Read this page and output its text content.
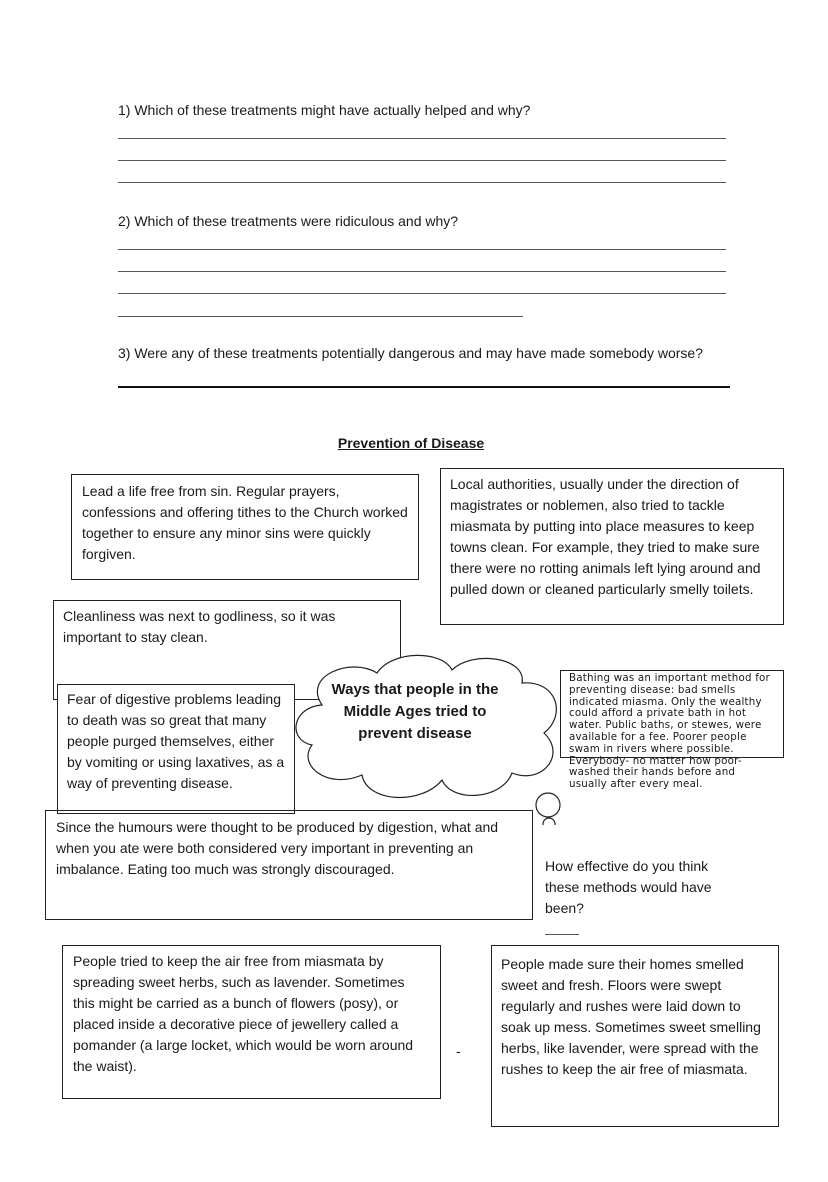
1) Which of these treatments might have actually helped and why?
2) Which of these treatments were ridiculous and why?
3) Were any of these treatments potentially dangerous and may have made somebody worse?
Prevention of Disease
Lead a life free from sin. Regular prayers, confessions and offering tithes to the Church worked together to ensure any minor sins were quickly forgiven.
Cleanliness was next to godliness, so it was important to stay clean.
Local authorities, usually under the direction of magistrates or noblemen, also tried to tackle miasmata by putting into place measures to keep towns clean. For example, they tried to make sure there were no rotting animals left lying around and pulled down or cleaned particularly smelly toilets.
Fear of digestive problems leading to death was so great that many people purged themselves, either by vomiting or using laxatives, as a way of preventing disease.
Bathing was an important method for preventing disease: bad smells indicated miasma. Only the wealthy could afford a private bath in hot water. Public baths, or stewes, were available for a fee. Poorer people swam in rivers where possible. Everybody- no matter how poor- washed their hands before and usually after every meal.
Ways that people in the Middle Ages tried to prevent disease
Since the humours were thought to be produced by digestion, what and when you ate were both considered very important in preventing an imbalance. Eating too much was strongly discouraged.	How effective do you think these methods would have been?
People tried to keep the air free from miasmata by spreading sweet herbs, such as lavender. Sometimes this might be carried as a bunch of flowers (posy), or placed inside a decorative piece of jewellery called a pomander (a large locket, which would be worn around the waist).
-
People made sure their homes smelled sweet and fresh. Floors were swept regularly and rushes were laid down to soak up mess. Sometimes sweet smelling herbs, like lavender, were spread with the rushes to keep the air free of miasmata.
